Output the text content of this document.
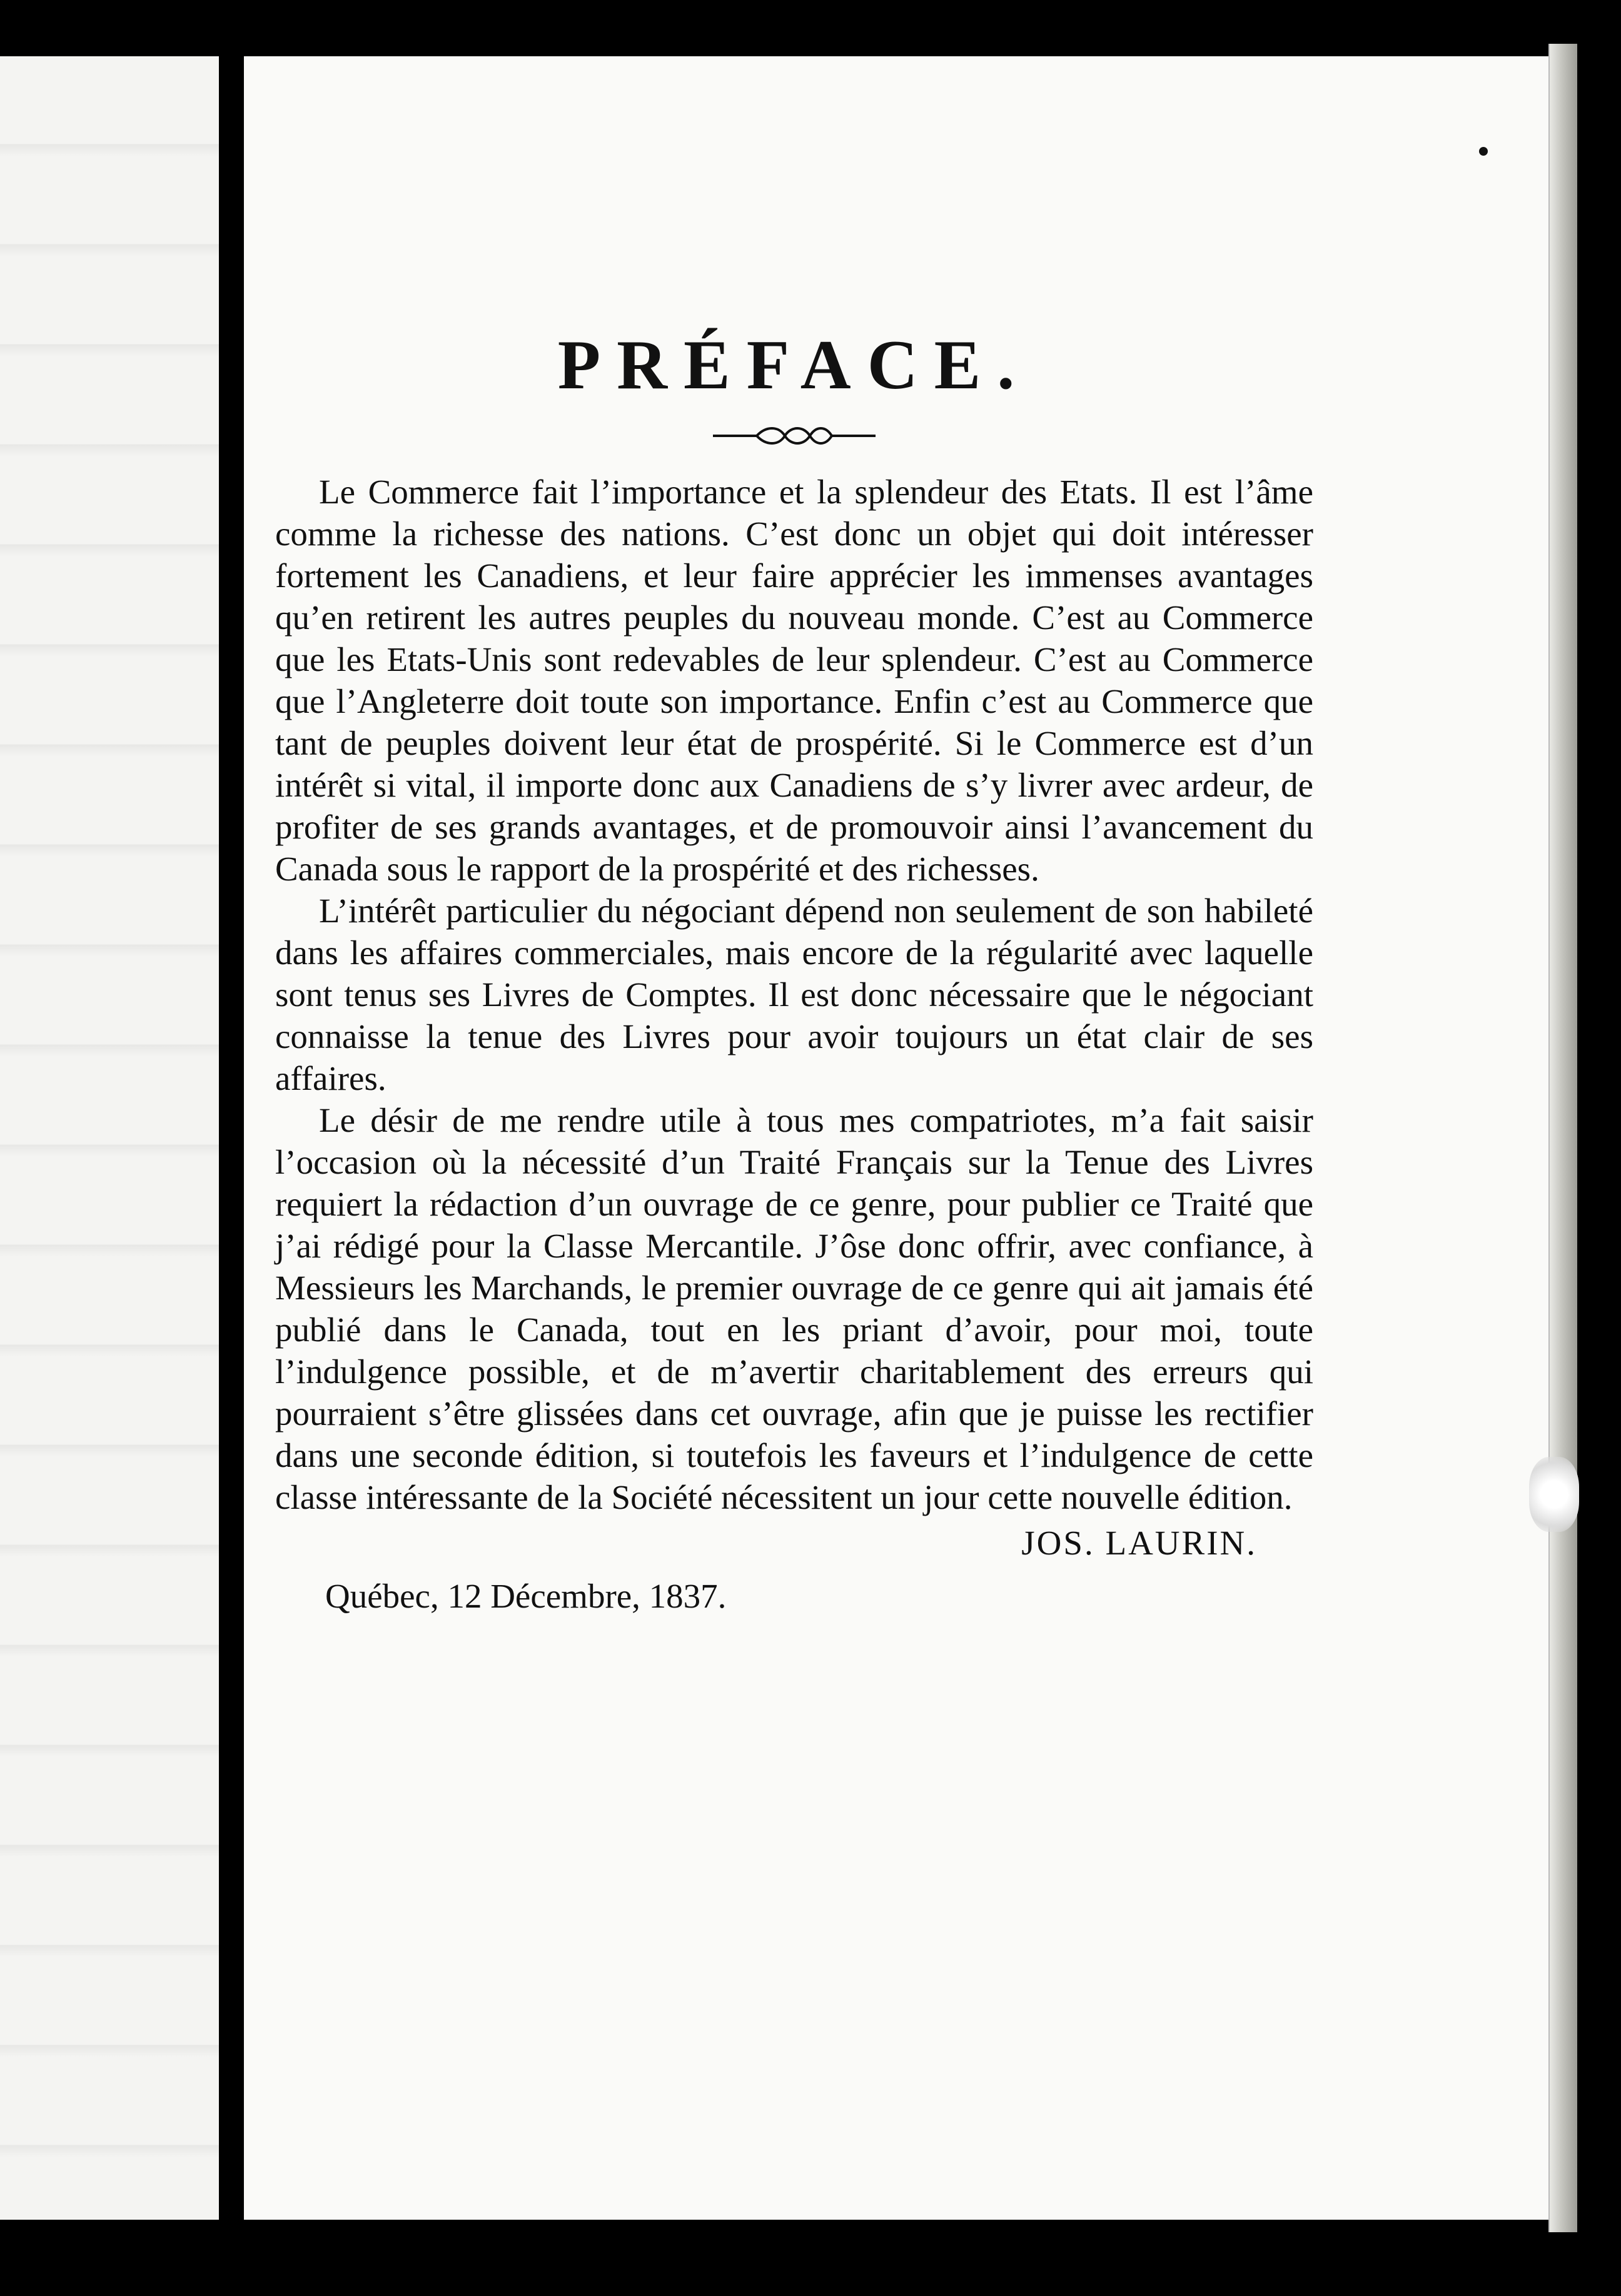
PRÉFACE.

Le Commerce fait l’importance et la splendeur des Etats. Il est l’âme comme la richesse des nations. C’est donc un objet qui doit intéresser fortement les Canadiens, et leur faire apprécier les immenses avantages qu’en retirent les autres peuples du nouveau monde. C’est au Commerce que les Etats-Unis sont redevables de leur splendeur. C’est au Commerce que l’Angleterre doit toute son importance. Enfin c’est au Commerce que tant de peuples doivent leur état de prospérité. Si le Commerce est d’un intérêt si vital, il importe donc aux Canadiens de s’y livrer avec ardeur, de profiter de ses grands avantages, et de promouvoir ainsi l’avancement du Canada sous le rapport de la prospérité et des richesses.

L’intérêt particulier du négociant dépend non seulement de son habileté dans les affaires commerciales, mais encore de la régularité avec laquelle sont tenus ses Livres de Comptes. Il est donc nécessaire que le négociant connaisse la tenue des Livres pour avoir toujours un état clair de ses affaires.

Le désir de me rendre utile à tous mes compatriotes, m’a fait saisir l’occasion où la nécessité d’un Traité Français sur la Tenue des Livres requiert la rédaction d’un ouvrage de ce genre, pour publier ce Traité que j’ai rédigé pour la Classe Mercantile. J’ôse donc offrir, avec confiance, à Messieurs les Marchands, le premier ouvrage de ce genre qui ait jamais été publié dans le Canada, tout en les priant d’avoir, pour moi, toute l’indulgence possible, et de m’avertir charitablement des erreurs qui pourraient s’être glissées dans cet ouvrage, afin que je puisse les rectifier dans une seconde édition, si toutefois les faveurs et l’indulgence de cette classe intéressante de la Société nécessitent un jour cette nouvelle édition.

JOS. LAURIN.

Québec, 12 Décembre, 1837.
